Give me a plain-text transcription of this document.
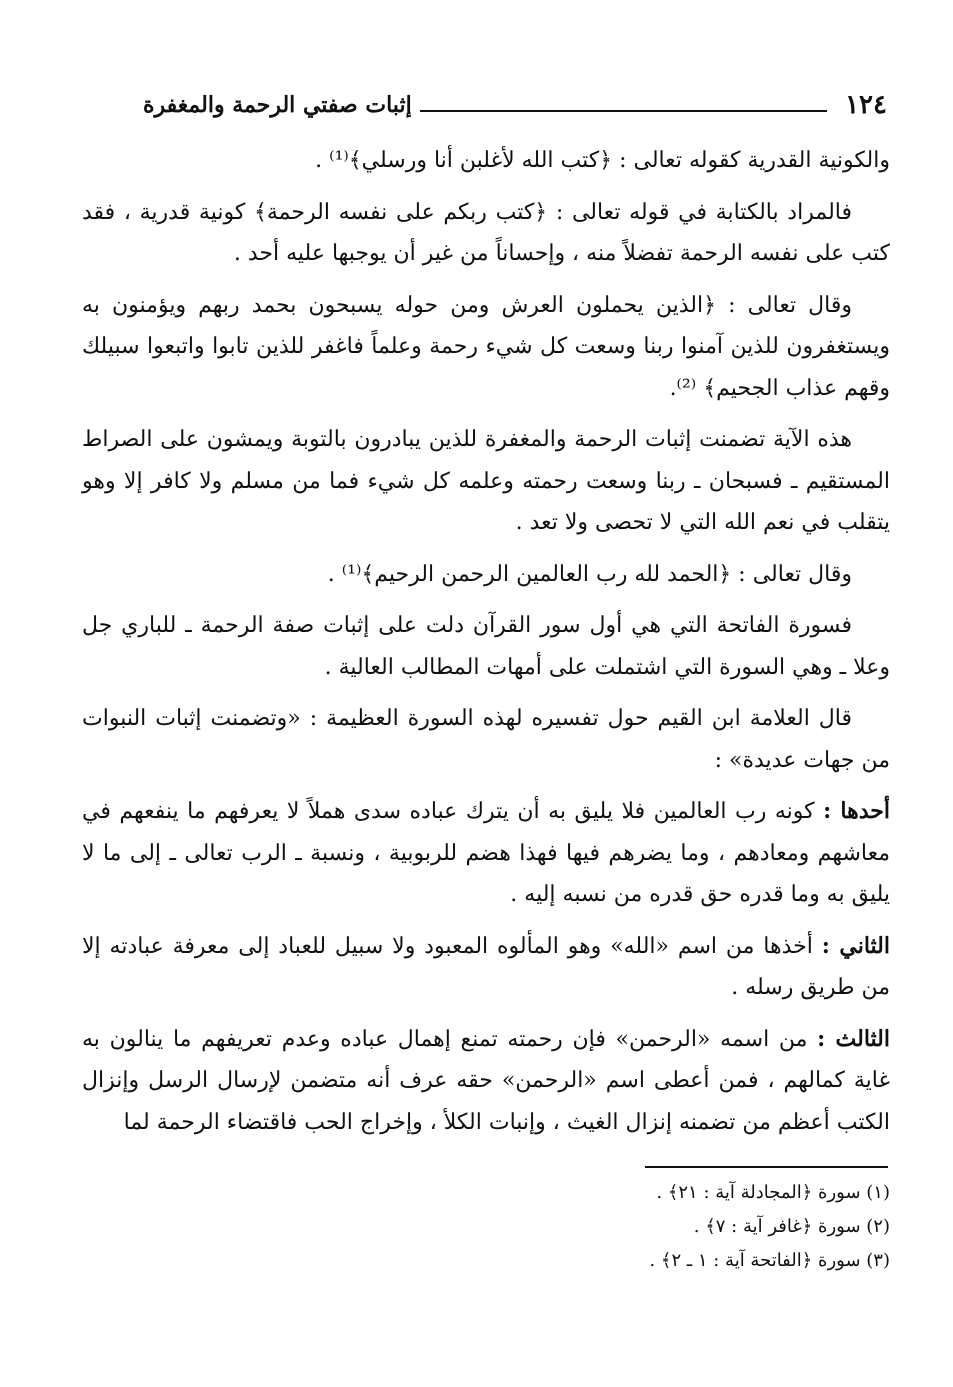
١٢٤
إثبات صفتي الرحمة والمغفرة

والكونية القدرية كقوله تعالى : ﴿كتب الله لأغلبن أنا ورسلي﴾⁽¹⁾ .

فالمراد بالكتابة في قوله تعالى : ﴿كتب ربكم على نفسه الرحمة﴾ كونية قدرية ، فقد كتب على نفسه الرحمة تفضلاً منه ، وإحساناً من غير أن يوجبها عليه أحد .

وقال تعالى : ﴿الذين يحملون العرش ومن حوله يسبحون بحمد ربهم ويؤمنون به ويستغفرون للذين آمنوا ربنا وسعت كل شيء رحمة وعلماً فاغفر للذين تابوا واتبعوا سبيلك وقهم عذاب الجحيم﴾ ⁽²⁾.

هذه الآية تضمنت إثبات الرحمة والمغفرة للذين يبادرون بالتوبة ويمشون على الصراط المستقيم ـ فسبحان ـ ربنا وسعت رحمته وعلمه كل شيء فما من مسلم ولا كافر إلا وهو يتقلب في نعم الله التي لا تحصى ولا تعد .

وقال تعالى : ﴿الحمد لله رب العالمين الرحمن الرحيم﴾⁽¹⁾ .

فسورة الفاتحة التي هي أول سور القرآن دلت على إثبات صفة الرحمة ـ للباري جل وعلا ـ وهي السورة التي اشتملت على أمهات المطالب العالية .

قال العلامة ابن القيم حول تفسيره لهذه السورة العظيمة : «وتضمنت إثبات النبوات من جهات عديدة» :

أحدها : كونه رب العالمين فلا يليق به أن يترك عباده سدى هملاً لا يعرفهم ما ينفعهم في معاشهم ومعادهم ، وما يضرهم فيها فهذا هضم للربوبية ، ونسبة ـ الرب تعالى ـ إلى ما لا يليق به وما قدره حق قدره من نسبه إليه .

الثاني : أخذها من اسم «الله» وهو المألوه المعبود ولا سبيل للعباد إلى معرفة عبادته إلا من طريق رسله .

الثالث : من اسمه «الرحمن» فإن رحمته تمنع إهمال عباده وعدم تعريفهم ما ينالون به غاية كمالهم ، فمن أعطى اسم «الرحمن» حقه عرف أنه متضمن لإرسال الرسل وإنزال الكتب أعظم من تضمنه إنزال الغيث ، وإنبات الكلأ ، وإخراج الحب فاقتضاء الرحمة لما

(١) سورة ﴿المجادلة آية : ٢١﴾ .

(٢) سورة ﴿غافر آية : ٧﴾ .

(٣) سورة ﴿الفاتحة آية : ١ ـ ٢﴾ .
